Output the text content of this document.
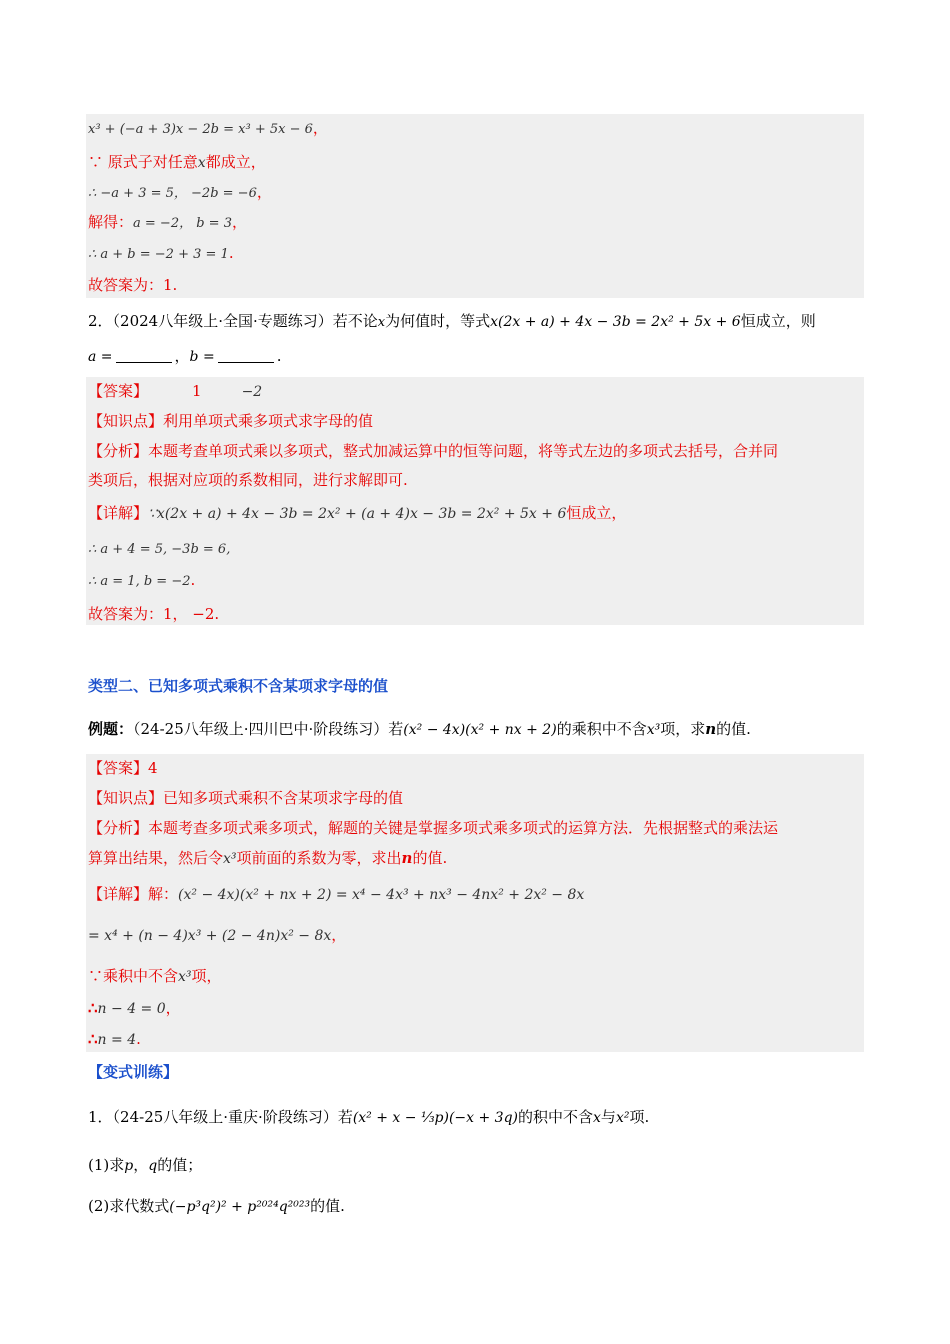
x³ + (−a + 3)x − 2b = x³ + 5x − 6，
∵ 原式子对任意x都成立，
∴ −a + 3 = 5， −2b = −6，
解得：a = −2， b = 3，
∴ a + b = −2 + 3 = 1.
故答案为：1.
2．（2024八年级上·全国·专题练习）若不论x为何值时，等式x(2x + a) + 4x − 3b = 2x² + 5x + 6恒成立，则
a =	，b =	.
【答案】	1	−2
【知识点】利用单项式乘多项式求字母的值
【分析】本题考查单项式乘以多项式，整式加减运算中的恒等问题，将等式左边的多项式去括号，合并同
类项后，根据对应项的系数相同，进行求解即可.
【详解】∵x(2x + a) + 4x − 3b = 2x² + (a + 4)x − 3b = 2x² + 5x + 6恒成立，
∴ a + 4 = 5, −3b = 6,
∴ a = 1, b = −2.
故答案为：1， −2.
类型二、已知多项式乘积不含某项求字母的值
例题：（24-25八年级上·四川巴中·阶段练习）若(x² − 4x)(x² + nx + 2)的乘积中不含x³项，求n的值.
【答案】4
【知识点】已知多项式乘积不含某项求字母的值
【分析】本题考查多项式乘多项式，解题的关键是掌握多项式乘多项式的运算方法．先根据整式的乘法运
算算出结果，然后令x³项前面的系数为零，求出n的值.
【详解】解：(x² − 4x)(x² + nx + 2) = x⁴ − 4x³ + nx³ − 4nx² + 2x² − 8x
= x⁴ + (n − 4)x³ + (2 − 4n)x² − 8x，
∵乘积中不含x³项，
∴n − 4 = 0，
∴n = 4.
【变式训练】
1．（24-25八年级上·重庆·阶段练习）若(x² + x − ⅓p)(−x + 3q)的积中不含x与x²项.
(1)求p，q的值；
(2)求代数式(−p³q²)² + p²⁰²⁴q²⁰²³的值.
